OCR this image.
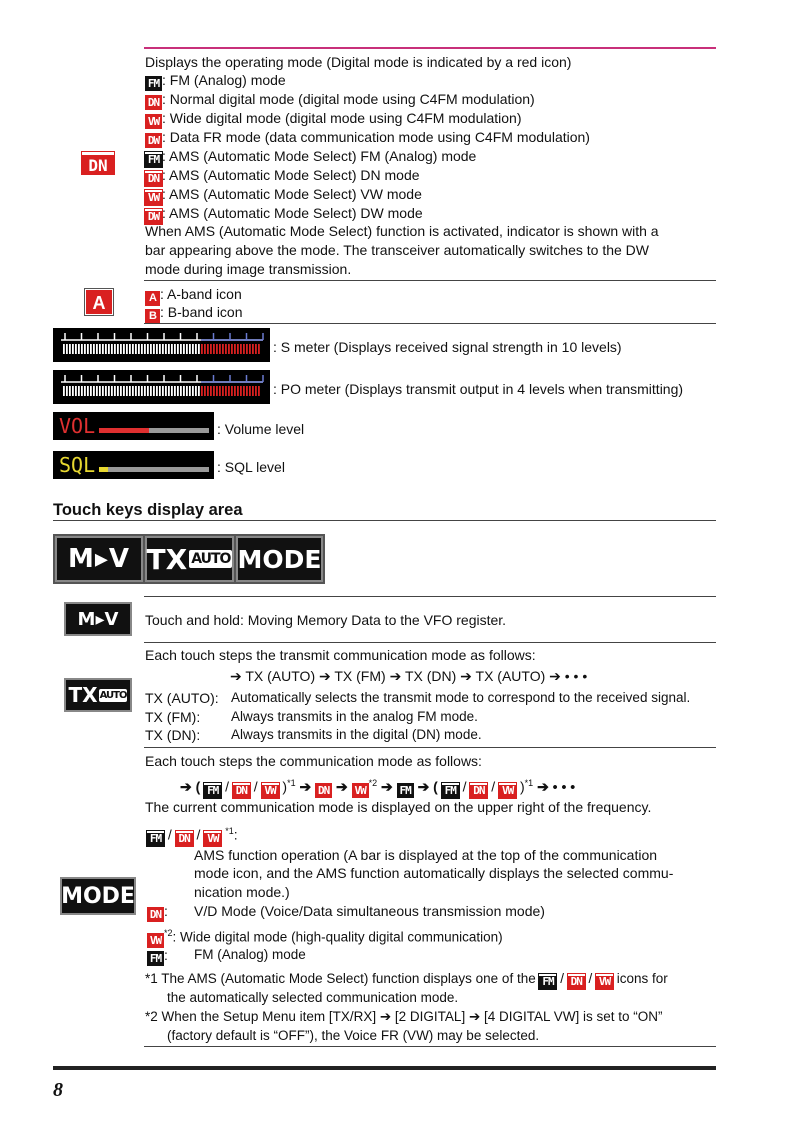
DN
Displays the operating mode (Digital mode is indicated by a red icon)
FM : FM (Analog) mode
DN : Normal digital mode (digital mode using C4FM modulation)
VW : Wide digital mode (digital mode using C4FM modulation)
DW : Data FR mode (data communication mode using C4FM modulation)
FM : AMS (Automatic Mode Select) FM (Analog) mode
DN : AMS (Automatic Mode Select) DN mode
VW : AMS (Automatic Mode Select) VW mode
DW : AMS (Automatic Mode Select) DW mode
When AMS (Automatic Mode Select) function is activated, indicator is shown with a
bar appearing above the mode. The transceiver automatically switches to the DW
mode during image transmission.
A	A : A-band icon
B : B-band icon
: S meter (Displays received signal strength in 10 levels)
: PO meter (Displays transmit output in 4 levels when transmitting)
VOL	: Volume level
SQL	: SQL level
Touch keys display area
M▸V TX AUTO MODE
M▸V Touch and hold: Moving Memory Data to the VFO register.
TX AUTO
Each touch steps the transmit communication mode as follows:
➔ TX (AUTO) ➔ TX (FM) ➔ TX (DN) ➔ TX (AUTO) ➔ • • •
TX (AUTO): Automatically selects the transmit mode to correspond to the received signal.
TX (FM): Always transmits in the analog FM mode.
TX (DN): Always transmits in the digital (DN) mode.
MODE
Each touch steps the communication mode as follows:
➔ ( FM / DN / VW )$^{*1}$ ➔ DN ➔ VW$^{*2}$ ➔ FM ➔ ( FM / DN / VW )$^{*1}$ ➔ • • •
The current communication mode is displayed on the upper right of the frequency.
FM / DN / VW $^{*1}$:
AMS function operation (A bar is displayed at the top of the communication
mode icon, and the AMS function automatically displays the selected commu-
nication mode.)
DN : V/D Mode (Voice/Data simultaneous transmission mode)
VW$^{*2}$: Wide digital mode (high-quality digital communication)
FM : FM (Analog) mode
*1 The AMS (Automatic Mode Select) function displays one of the FM / DN / VW icons for
the automatically selected communication mode.
*2 When the Setup Menu item [TX/RX] ➔ [2 DIGITAL] ➔ [4 DIGITAL VW] is set to “ON”
(factory default is “OFF”), the Voice FR (VW) may be selected.
8
